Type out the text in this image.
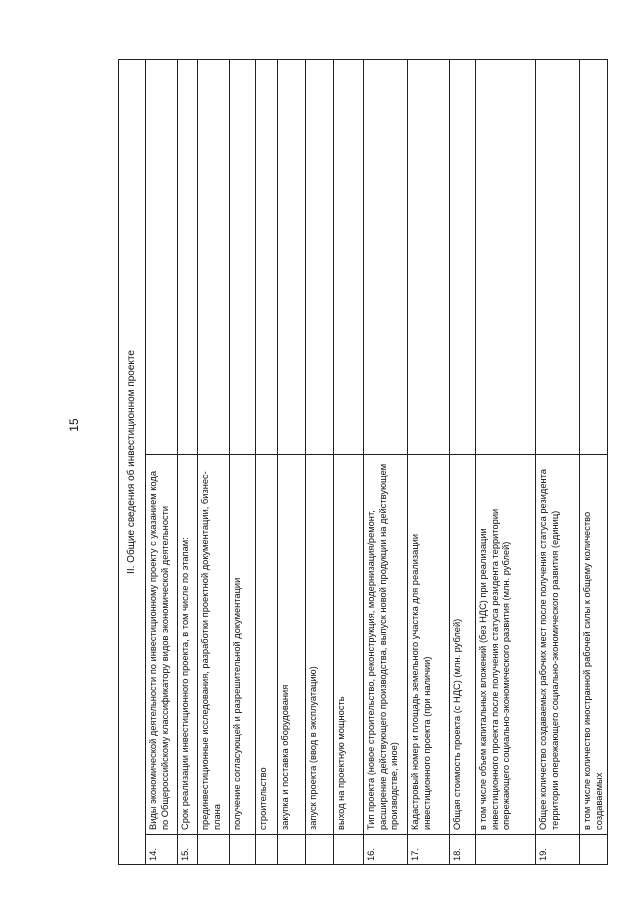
15	II. Общие сведения об инвестиционном проекте		
14.	Виды экономической деятельности по инвестиционному проекту с указанием кода по Общероссийскому классификатору видов экономической деятельности	
15.	Срок реализации инвестиционного проекта, в том числе по этапам:	
	прединвестиционные исследования, разработки проектной документации, бизнес-плана	
	получение согласующей и разрешительной документации	
	строительство	
	закупка и поставка оборудования	
	запуск проекта (ввод в эксплуатацию)	
	выход на проектную мощность	
16.	Тип проекта (новое строительство, реконструкция, модернизация/ремонт, расширение действующего производства, выпуск новой продукции на действующем производстве, иное)	
17.	Кадастровый номер и площадь земельного участка для реализации инвестиционного проекта (при наличии)	
18.	Общая стоимость проекта (с НДС) (млн. рублей)	
	в том числе объем капитальных вложений (без НДС) при реализации инвестиционного проекта после получения статуса резидента территории опережающего социально-экономического развития (млн. рублей)	
19.	Общее количество создаваемых рабочих мест после получения статуса резидента территории опережающего социально-экономического развития (единиц)	
	в том числе количество иностранной рабочей силы к общему количество создаваемых	
